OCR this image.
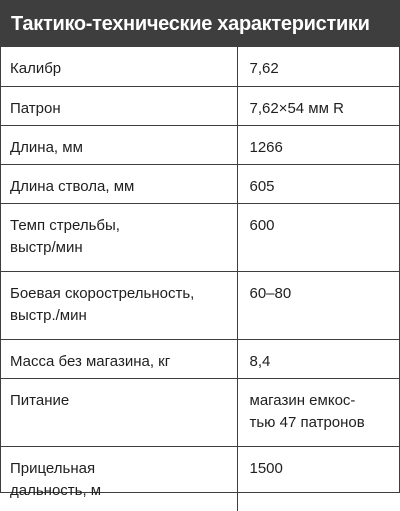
Тактико-технические характеристики
Калибр	7,62

Патрон	7,62×54 мм R

Длина, мм	1266

Длина ствола, мм	605

Темп стрельбы,
выстр/мин	600

Боевая скорострельность,
выстр./мин	60–80

Масса без магазина, кг	8,4

Питание	магазин емкос-
тью 47 патронов

Прицельная
дальность, м	1500
